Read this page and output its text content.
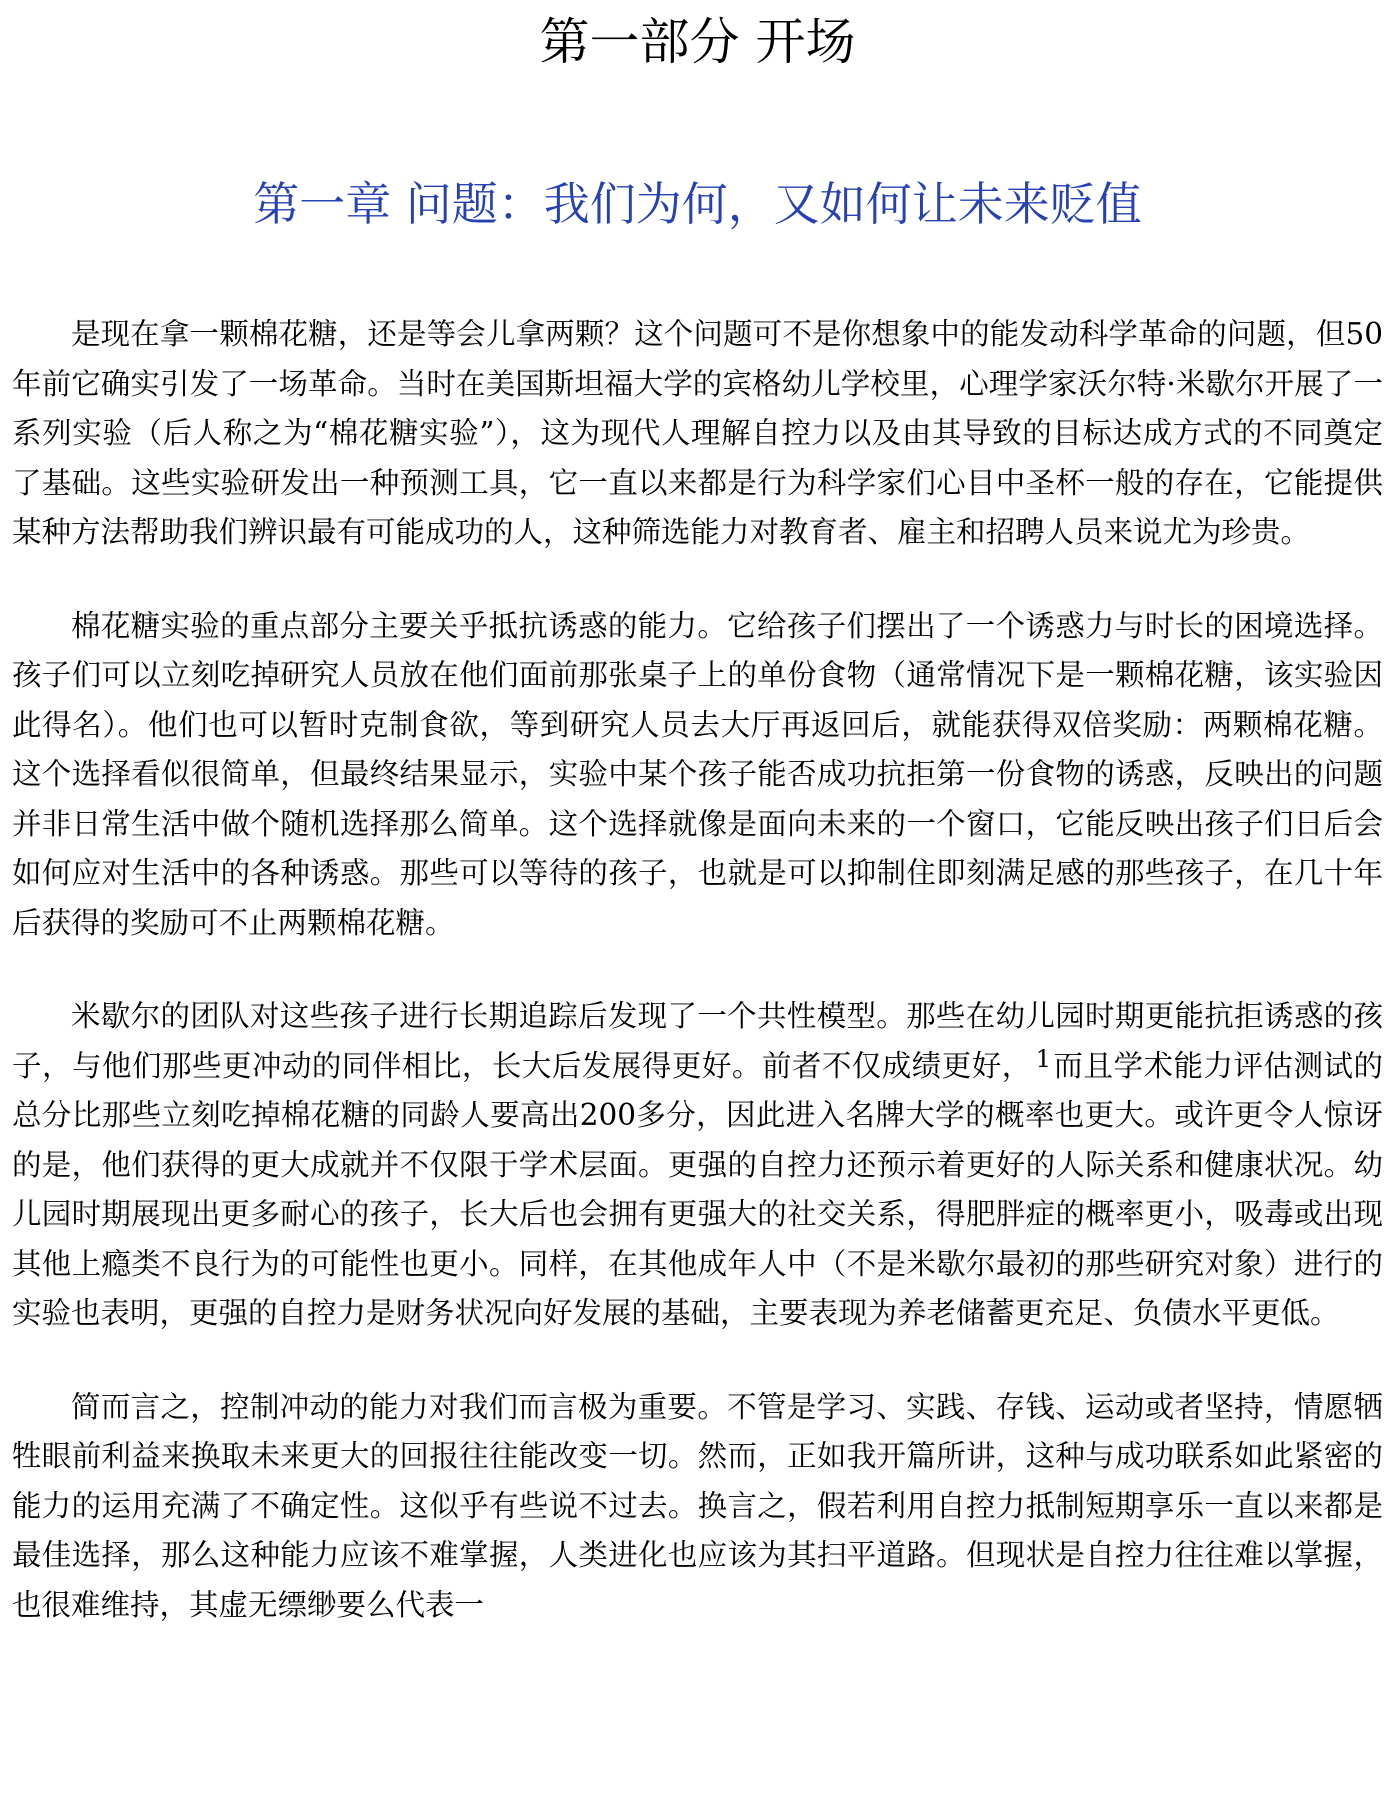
第一部分 开场
第一章 问题：我们为何，又如何让未来贬值

是现在拿一颗棉花糖，还是等会儿拿两颗？这个问题可不是你想象中的能发动科学革命的问题，但50年前它确实引发了一场革命。当时在美国斯坦福大学的宾格幼儿学校里，心理学家沃尔特·米歇尔开展了一系列实验（后人称之为“棉花糖实验”），这为现代人理解自控力以及由其导致的目标达成方式的不同奠定了基础。这些实验研发出一种预测工具，它一直以来都是行为科学家们心目中圣杯一般的存在，它能提供某种方法帮助我们辨识最有可能成功的人，这种筛选能力对教育者、雇主和招聘人员来说尤为珍贵。

棉花糖实验的重点部分主要关乎抵抗诱惑的能力。它给孩子们摆出了一个诱惑力与时长的困境选择。孩子们可以立刻吃掉研究人员放在他们面前那张桌子上的单份食物（通常情况下是一颗棉花糖，该实验因此得名）。他们也可以暂时克制食欲，等到研究人员去大厅再返回后，就能获得双倍奖励：两颗棉花糖。这个选择看似很简单，但最终结果显示，实验中某个孩子能否成功抗拒第一份食物的诱惑，反映出的问题并非日常生活中做个随机选择那么简单。这个选择就像是面向未来的一个窗口，它能反映出孩子们日后会如何应对生活中的各种诱惑。那些可以等待的孩子，也就是可以抑制住即刻满足感的那些孩子，在几十年后获得的奖励可不止两颗棉花糖。

米歇尔的团队对这些孩子进行长期追踪后发现了一个共性模型。那些在幼儿园时期更能抗拒诱惑的孩子，与他们那些更冲动的同伴相比，长大后发展得更好。前者不仅成绩更好， $^1$而且学术能力评估测试的总分比那些立刻吃掉棉花糖的同龄人要高出200多分，因此进入名牌大学的概率也更大。或许更令人惊讶的是，他们获得的更大成就并不仅限于学术层面。更强的自控力还预示着更好的人际关系和健康状况。幼儿园时期展现出更多耐心的孩子，长大后也会拥有更强大的社交关系，得肥胖症的概率更小，吸毒或出现其他上瘾类不良行为的可能性也更小。同样，在其他成年人中（不是米歇尔最初的那些研究对象）进行的实验也表明，更强的自控力是财务状况向好发展的基础，主要表现为养老储蓄更充足、负债水平更低。

简而言之，控制冲动的能力对我们而言极为重要。不管是学习、实践、存钱、运动或者坚持，情愿牺牲眼前利益来换取未来更大的回报往往能改变一切。然而，正如我开篇所讲，这种与成功联系如此紧密的能力的运用充满了不确定性。这似乎有些说不过去。换言之，假若利用自控力抵制短期享乐一直以来都是最佳选择，那么这种能力应该不难掌握，人类进化也应该为其扫平道路。但现状是自控力往往难以掌握，也很难维持，其虚无缥缈要么代表一
